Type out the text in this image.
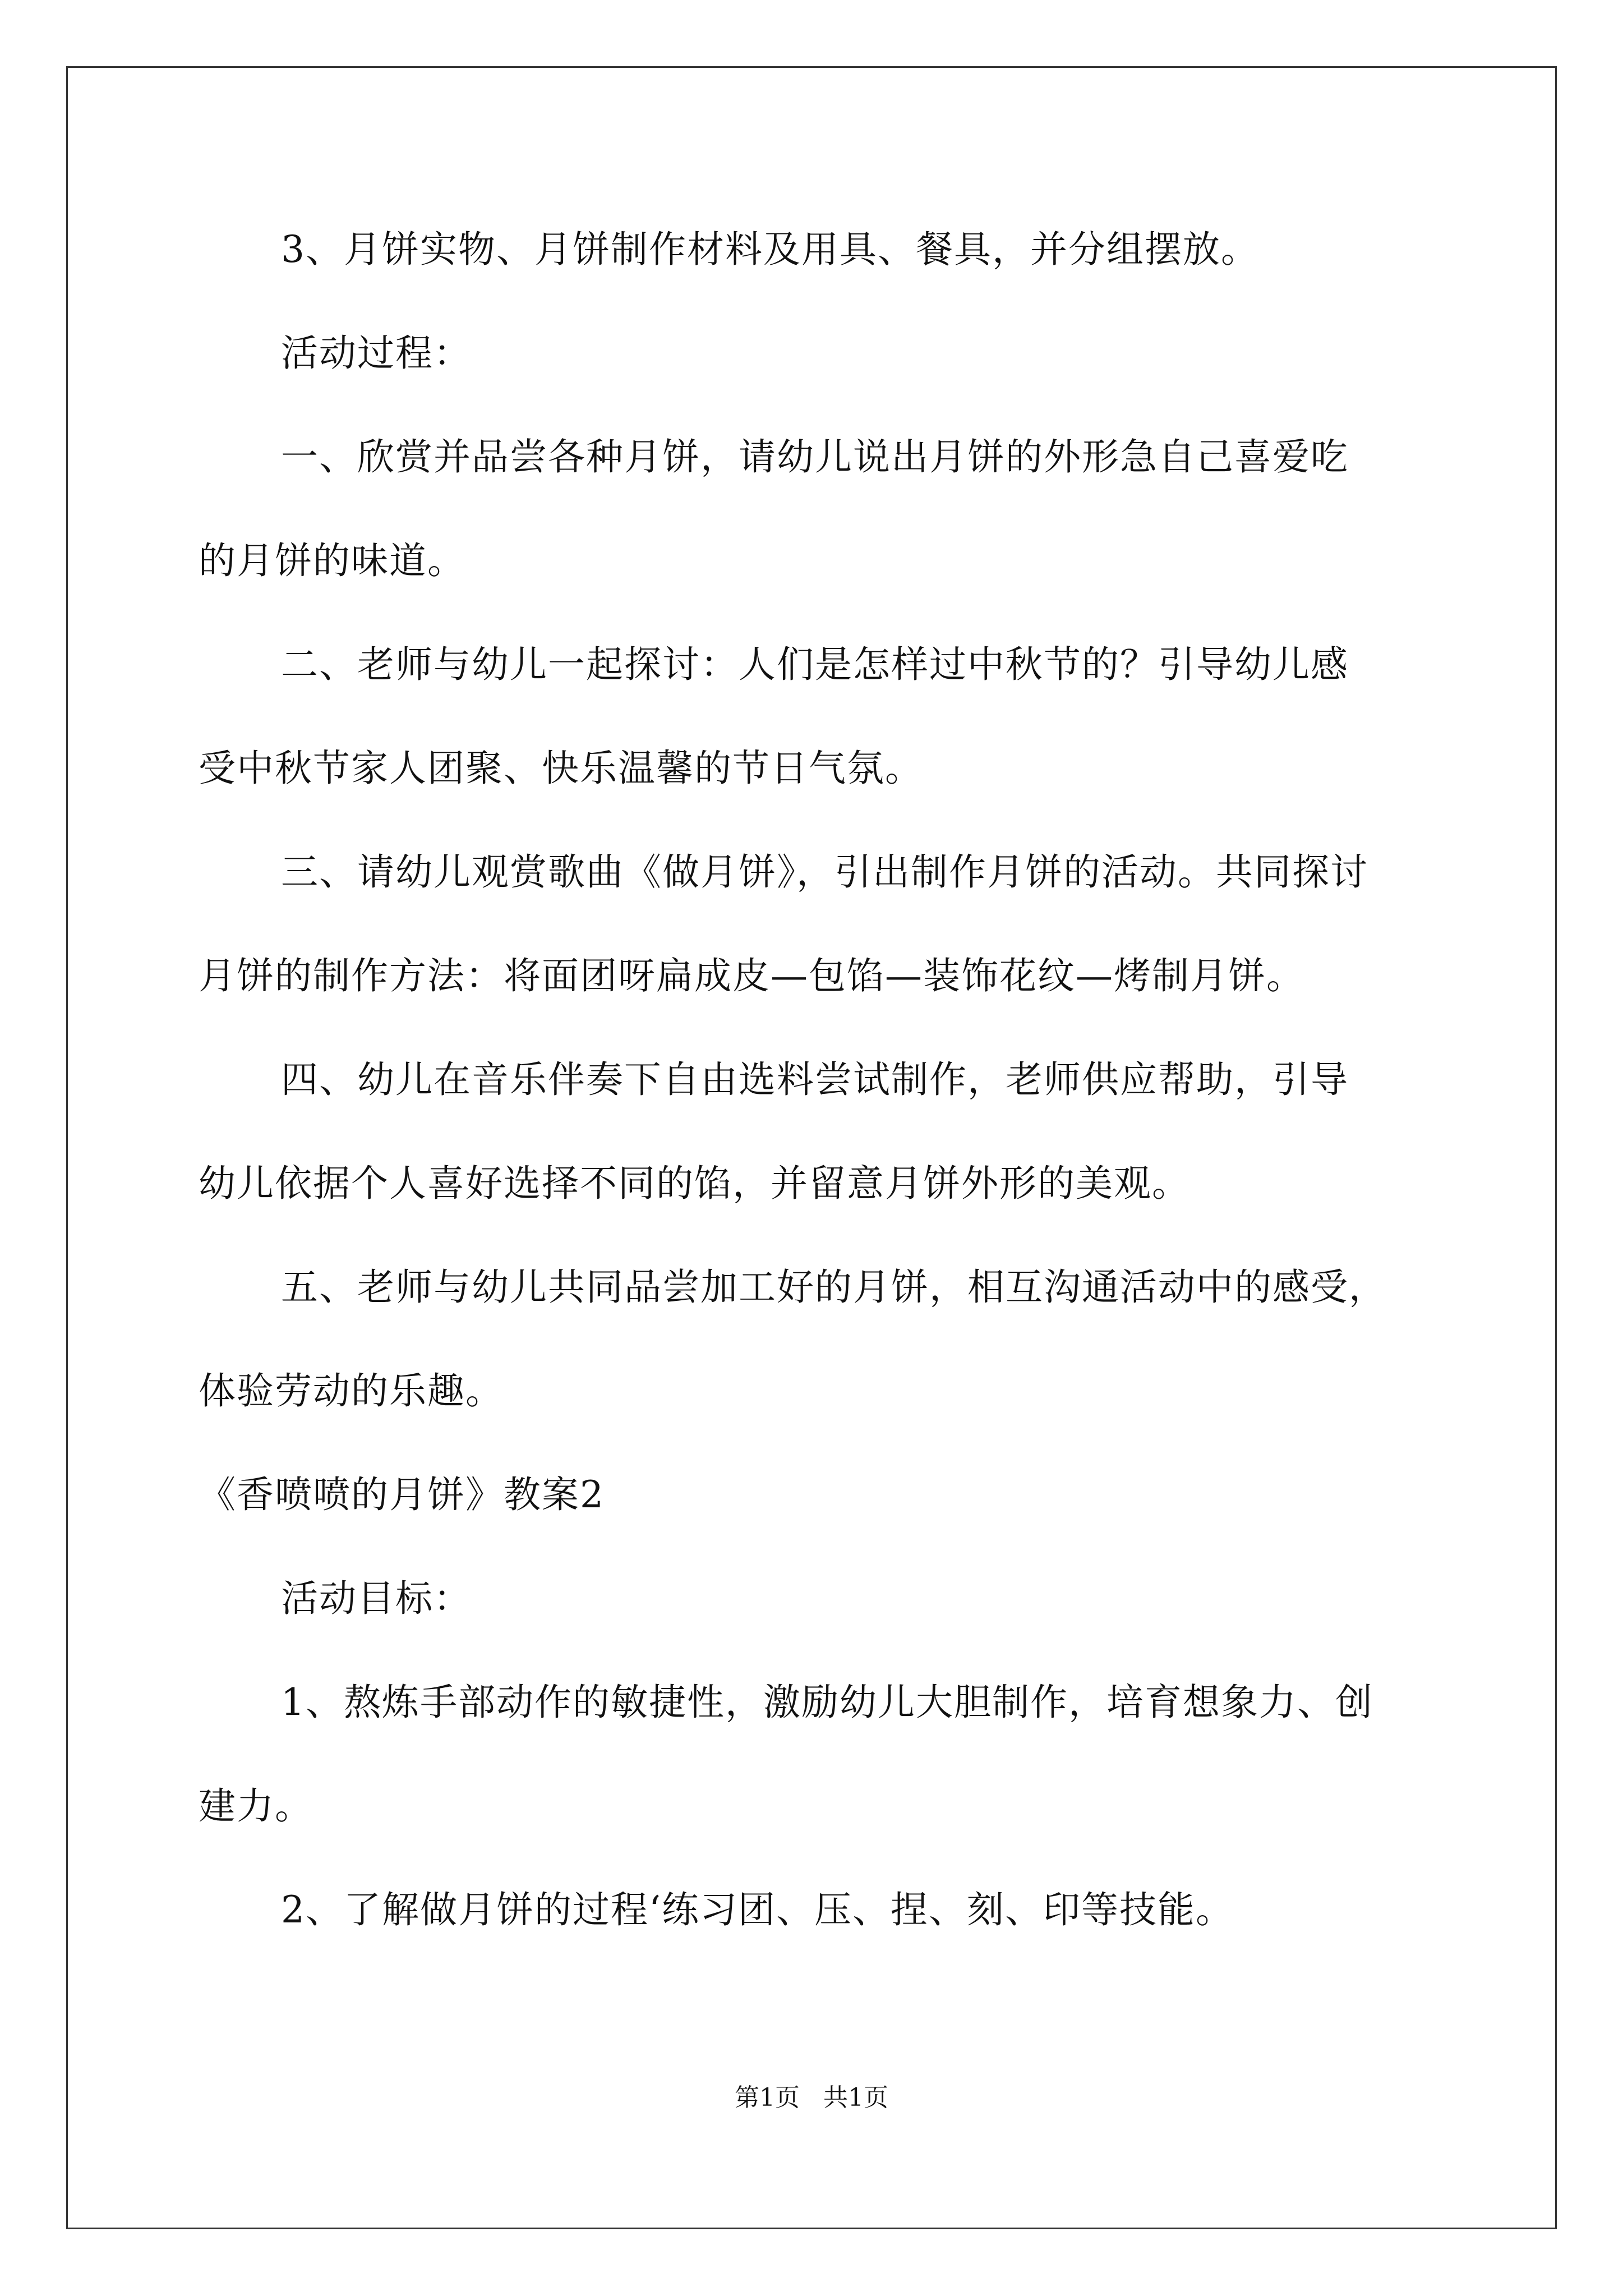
3、月饼实物、月饼制作材料及用具、餐具，并分组摆放。
活动过程：
一、欣赏并品尝各种月饼，请幼儿说出月饼的外形急自己喜爱吃
的月饼的味道。
二、老师与幼儿一起探讨：人们是怎样过中秋节的？引导幼儿感
受中秋节家人团聚、快乐温馨的节日气氛。
三、请幼儿观赏歌曲《做月饼》，引出制作月饼的活动。共同探讨
月饼的制作方法：将面团呀扁成皮—包馅—装饰花纹—烤制月饼。
四、幼儿在音乐伴奏下自由选料尝试制作，老师供应帮助，引导
幼儿依据个人喜好选择不同的馅，并留意月饼外形的美观。
五、老师与幼儿共同品尝加工好的月饼，相互沟通活动中的感受，
体验劳动的乐趣。
《香喷喷的月饼》教案2
活动目标：
1、熬炼手部动作的敏捷性，激励幼儿大胆制作，培育想象力、创
建力。
2、了解做月饼的过程‘练习团、压、捏、刻、印等技能。
第1页 共1页
